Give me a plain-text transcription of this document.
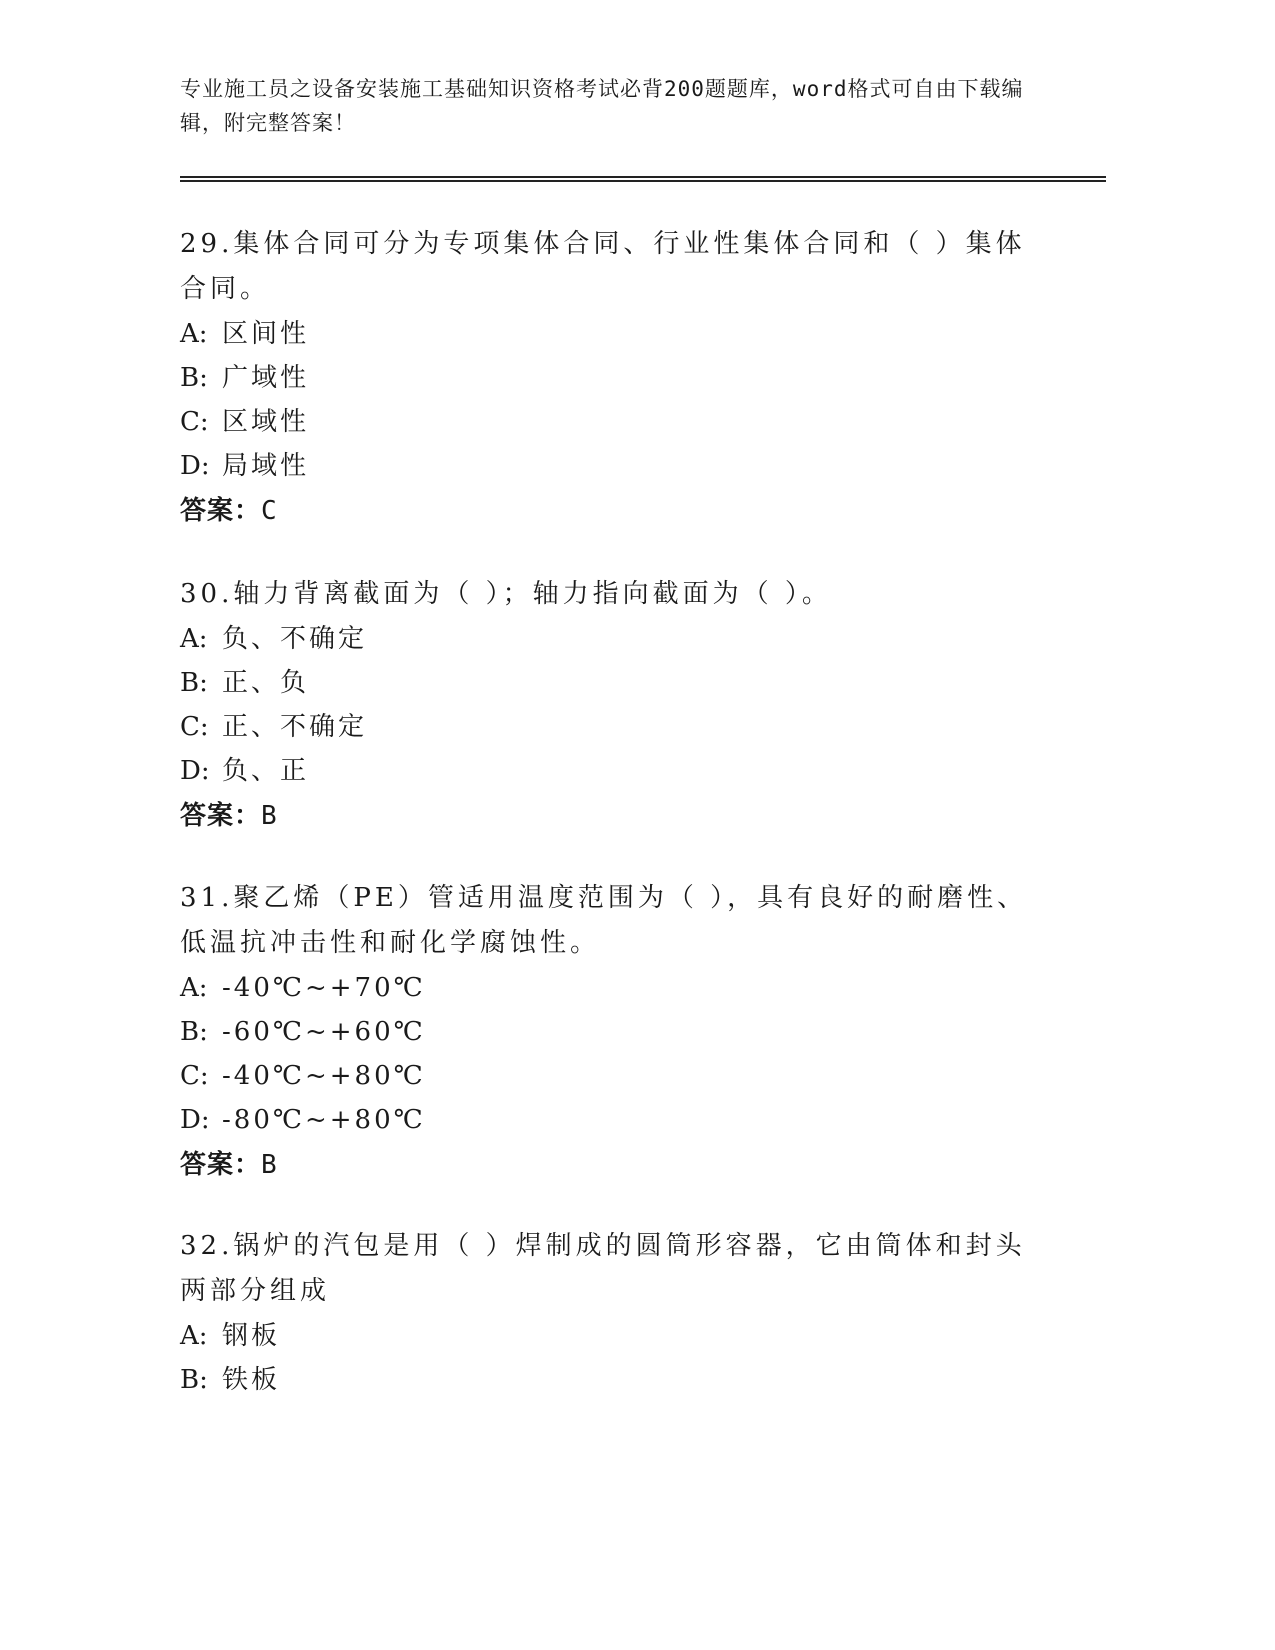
专业施工员之设备安装施工基础知识资格考试必背200题题库，word格式可自由下载编辑，附完整答案！
29.集体合同可分为专项集体合同、行业性集体合同和（ ）集体合同。
A: 区间性
B: 广域性
C: 区域性
D: 局域性
答案：C
30.轴力背离截面为（ ）；轴力指向截面为（ ）。
A: 负、不确定
B: 正、负
C: 正、不确定
D: 负、正
答案：B
31.聚乙烯（PE）管适用温度范围为（ ），具有良好的耐磨性、低温抗冲击性和耐化学腐蚀性。
A: -40℃~+70℃
B: -60℃~+60℃
C: -40℃~+80℃
D: -80℃~+80℃
答案：B
32.锅炉的汽包是用（ ）焊制成的圆筒形容器，它由筒体和封头两部分组成
A: 钢板
B: 铁板
